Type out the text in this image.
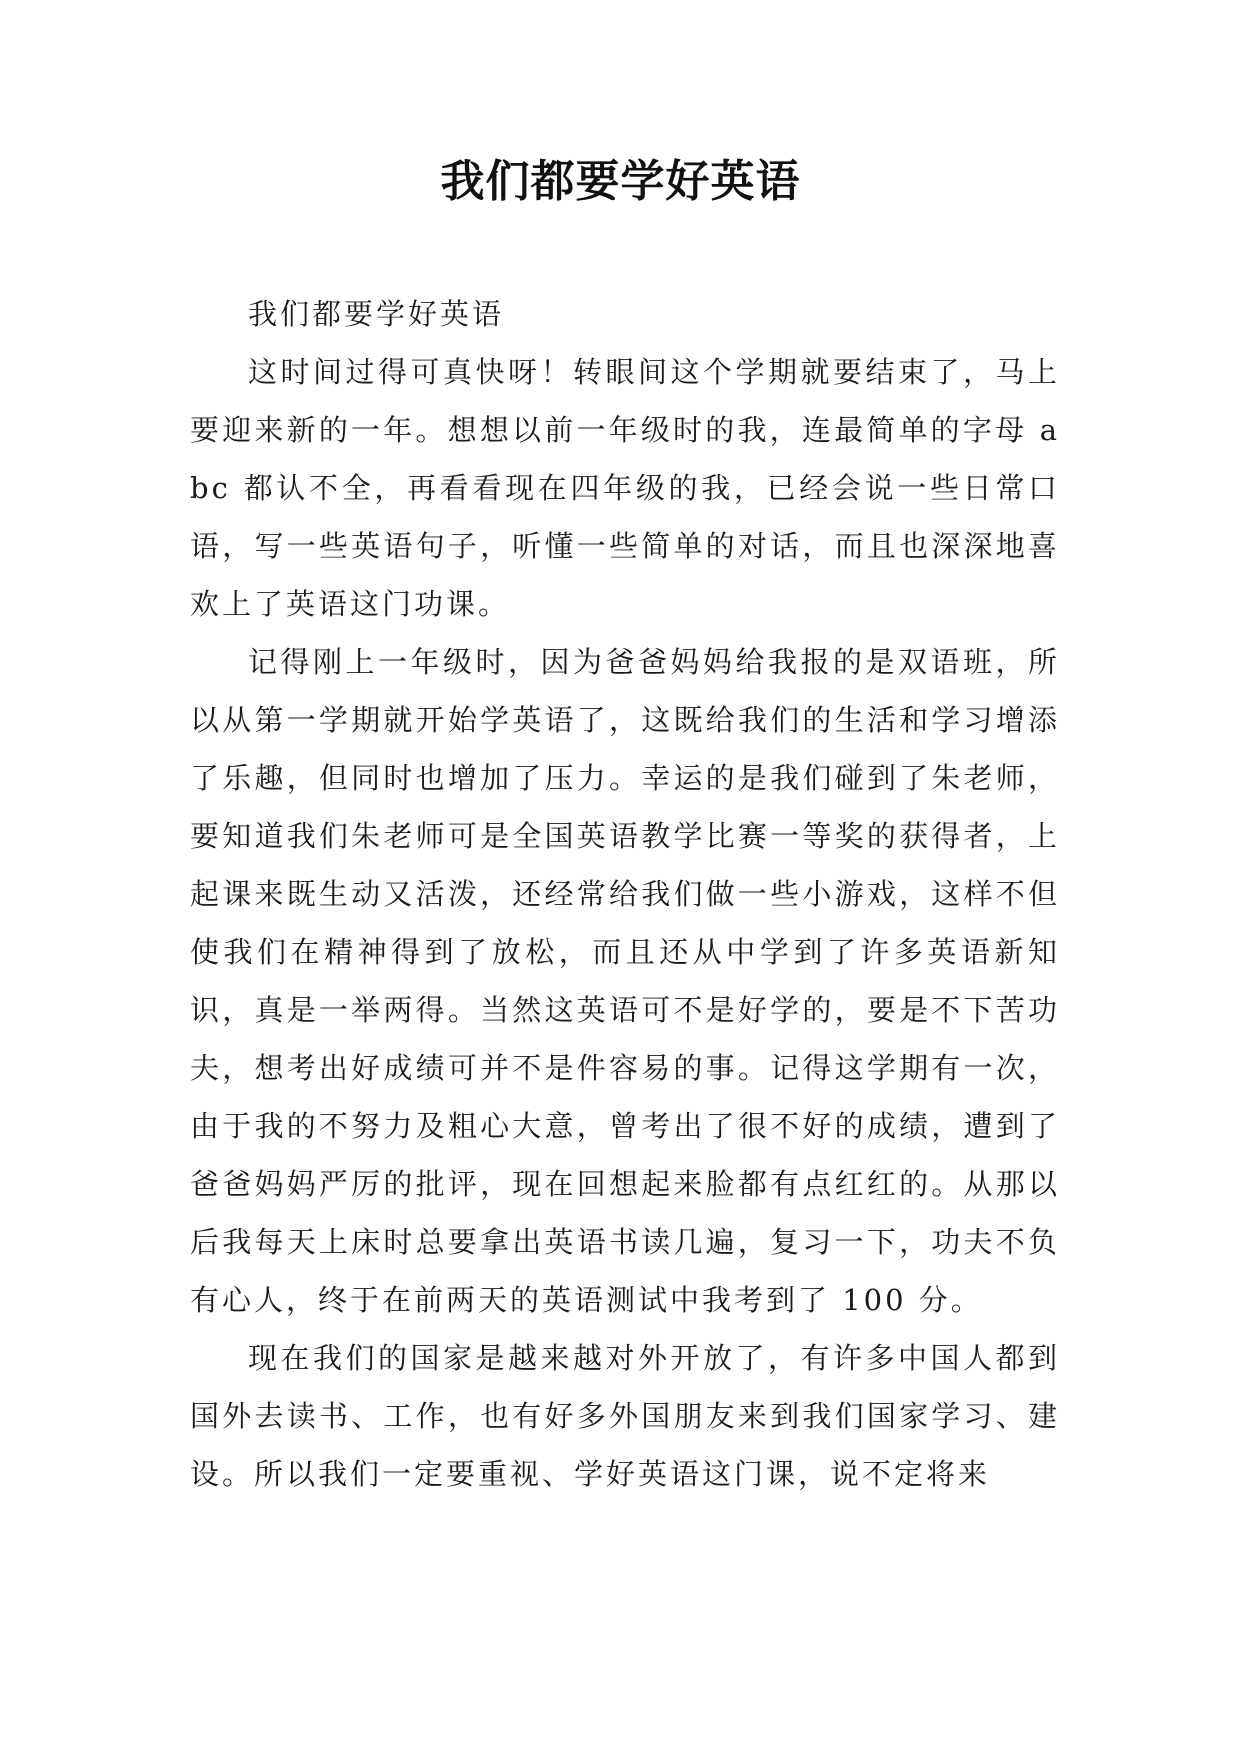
我们都要学好英语

我们都要学好英语

这时间过得可真快呀！转眼间这个学期就要结束了，马上要迎来新的一年。想想以前一年级时的我，连最简单的字母 abc 都认不全，再看看现在四年级的我，已经会说一些日常口语，写一些英语句子，听懂一些简单的对话，而且也深深地喜欢上了英语这门功课。

记得刚上一年级时，因为爸爸妈妈给我报的是双语班，所以从第一学期就开始学英语了，这既给我们的生活和学习增添了乐趣，但同时也增加了压力。幸运的是我们碰到了朱老师，要知道我们朱老师可是全国英语教学比赛一等奖的获得者，上起课来既生动又活泼，还经常给我们做一些小游戏，这样不但使我们在精神得到了放松，而且还从中学到了许多英语新知识，真是一举两得。当然这英语可不是好学的，要是不下苦功夫，想考出好成绩可并不是件容易的事。记得这学期有一次，由于我的不努力及粗心大意，曾考出了很不好的成绩，遭到了爸爸妈妈严厉的批评，现在回想起来脸都有点红红的。从那以后我每天上床时总要拿出英语书读几遍，复习一下，功夫不负有心人，终于在前两天的英语测试中我考到了 100 分。

现在我们的国家是越来越对外开放了，有许多中国人都到国外去读书、工作，也有好多外国朋友来到我们国家学习、建设。所以我们一定要重视、学好英语这门课，说不定将来
